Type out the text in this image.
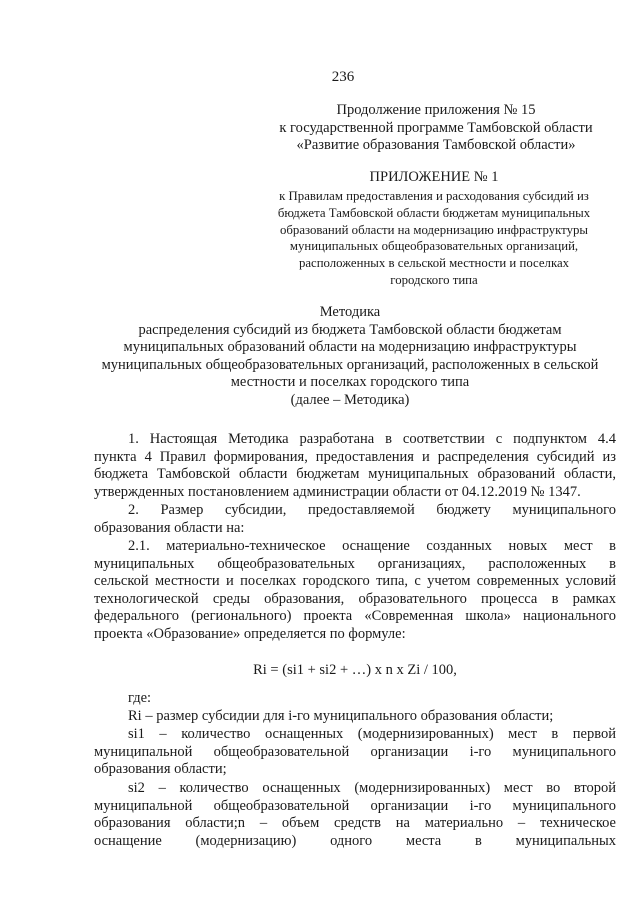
236
Продолжение приложения № 15
к государственной программе Тамбовской области
«Развитие образования Тамбовской области»
ПРИЛОЖЕНИЕ № 1
к Правилам предоставления и расходования субсидий из
бюджета Тамбовской области бюджетам муниципальных
образований области на модернизацию инфраструктуры
муниципальных общеобразовательных организаций,
расположенных в сельской местности и поселках
городского типа
Методика
распределения субсидий из бюджета Тамбовской области бюджетам
муниципальных образований области на модернизацию инфраструктуры
муниципальных общеобразовательных организаций, расположенных в сельской
местности и поселках городского типа
(далее – Методика)
1. Настоящая Методика разработана в соответствии с подпунктом 4.4
пункта 4 Правил формирования, предоставления и распределения субсидий из
бюджета Тамбовской области бюджетам муниципальных образований области,
утвержденных постановлением администрации области от 04.12.2019 № 1347.
2. Размер субсидии, предоставляемой бюджету муниципального
образования области на:
2.1. материально-техническое оснащение созданных новых мест в
муниципальных общеобразовательных организациях, расположенных в
сельской местности и поселках городского типа, с учетом современных условий
технологической среды образования, образовательного процесса в рамках
федерального (регионального) проекта «Современная школа» национального
проекта «Образование» определяется по формуле:
Ri = (si1 + si2 + …) x n x Zi / 100,
где:
Ri – размер субсидии для i-го муниципального образования области;
si1 – количество оснащенных (модернизированных) мест в первой
муниципальной общеобразовательной организации i-го муниципального
образования области;
si2 – количество оснащенных (модернизированных) мест во второй
муниципальной общеобразовательной организации i-го муниципального
образования области;n – объем средств на материально – техническое
оснащение (модернизацию) одного места в муниципальных
